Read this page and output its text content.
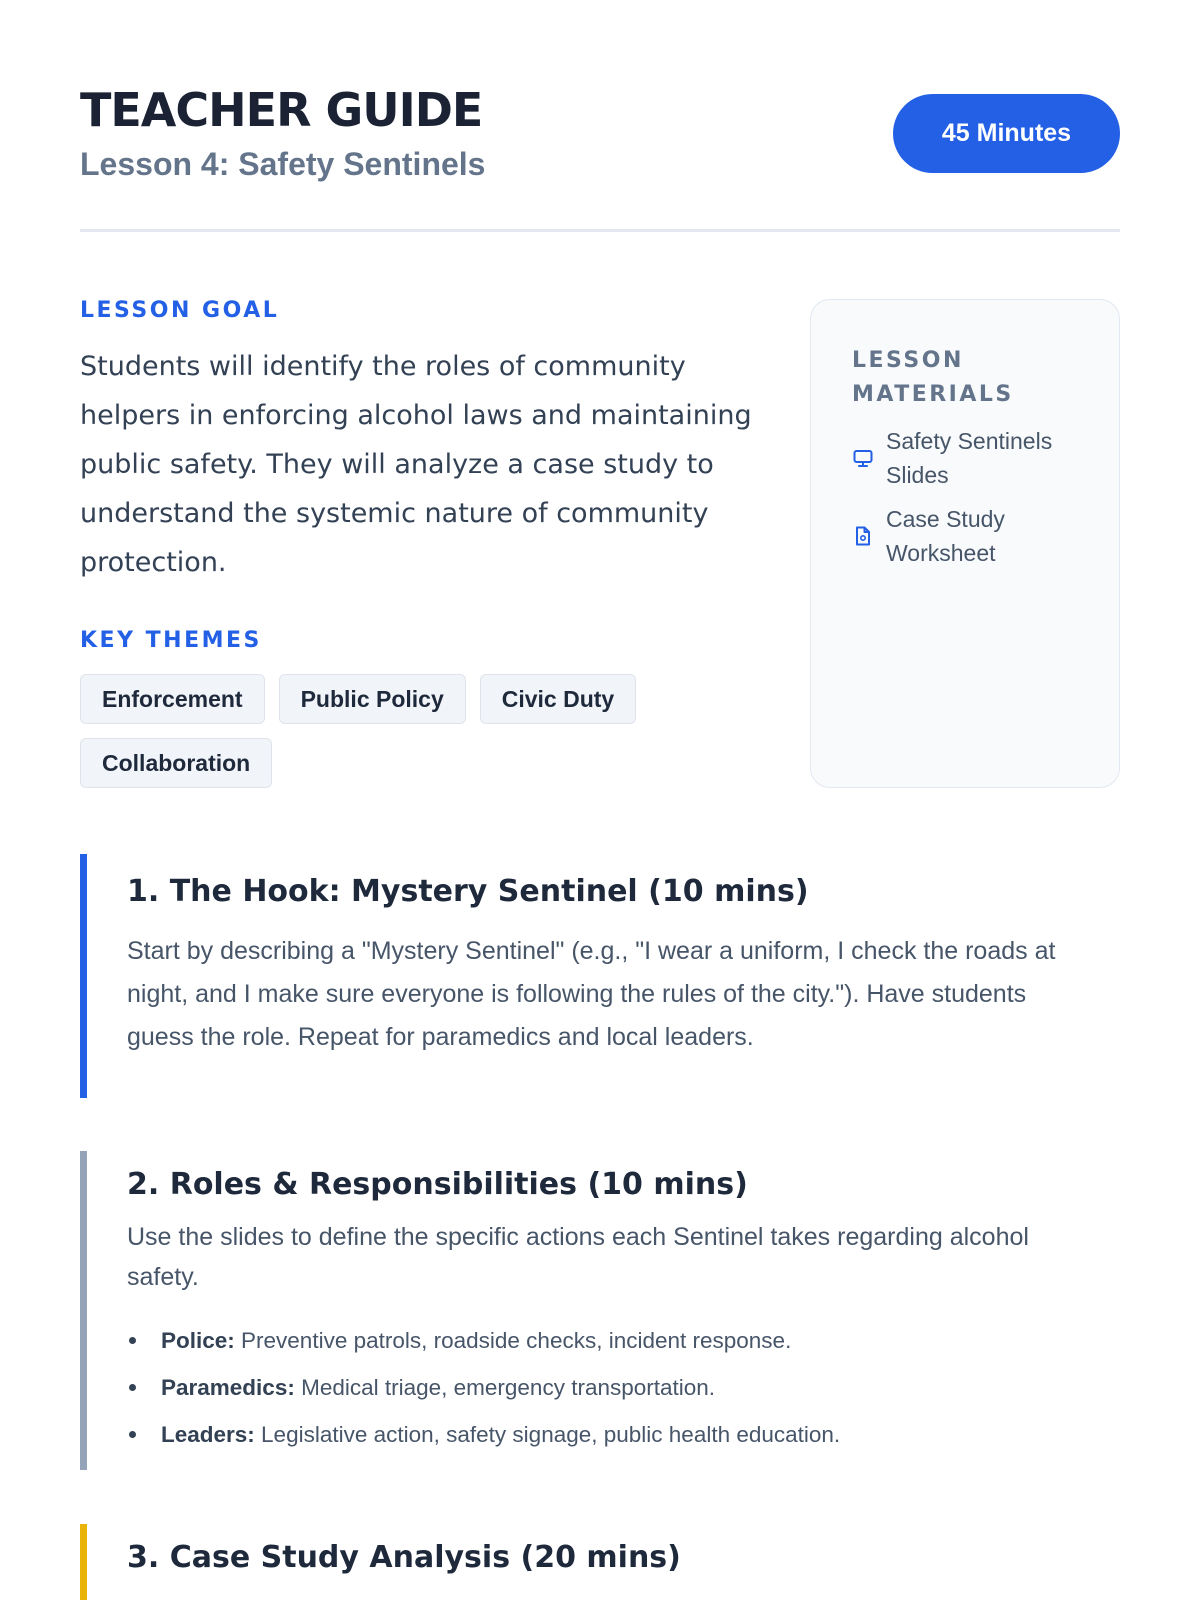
TEACHER GUIDE
Lesson 4: Safety Sentinels
45 Minutes
LESSON GOAL

Students will identify the roles of community helpers in enforcing alcohol laws and maintaining public safety. They will analyze a case study to understand the systemic nature of community protection.

KEY THEMES
Enforcement	Public Policy	Civic Duty
Collaboration
LESSON MATERIALS
Safety Sentinels Slides
Case Study Worksheet
1. The Hook: Mystery Sentinel (10 mins)

Start by describing a "Mystery Sentinel" (e.g., "I wear a uniform, I check the roads at night, and I make sure everyone is following the rules of the city."). Have students guess the role. Repeat for paramedics and local leaders.

2. Roles & Responsibilities (10 mins)

Use the slides to define the specific actions each Sentinel takes regarding alcohol safety.

Police: Preventive patrols, roadside checks, incident response.
Paramedics: Medical triage, emergency transportation.
Leaders: Legislative action, safety signage, public health education.
3. Case Study Analysis (20 mins)
